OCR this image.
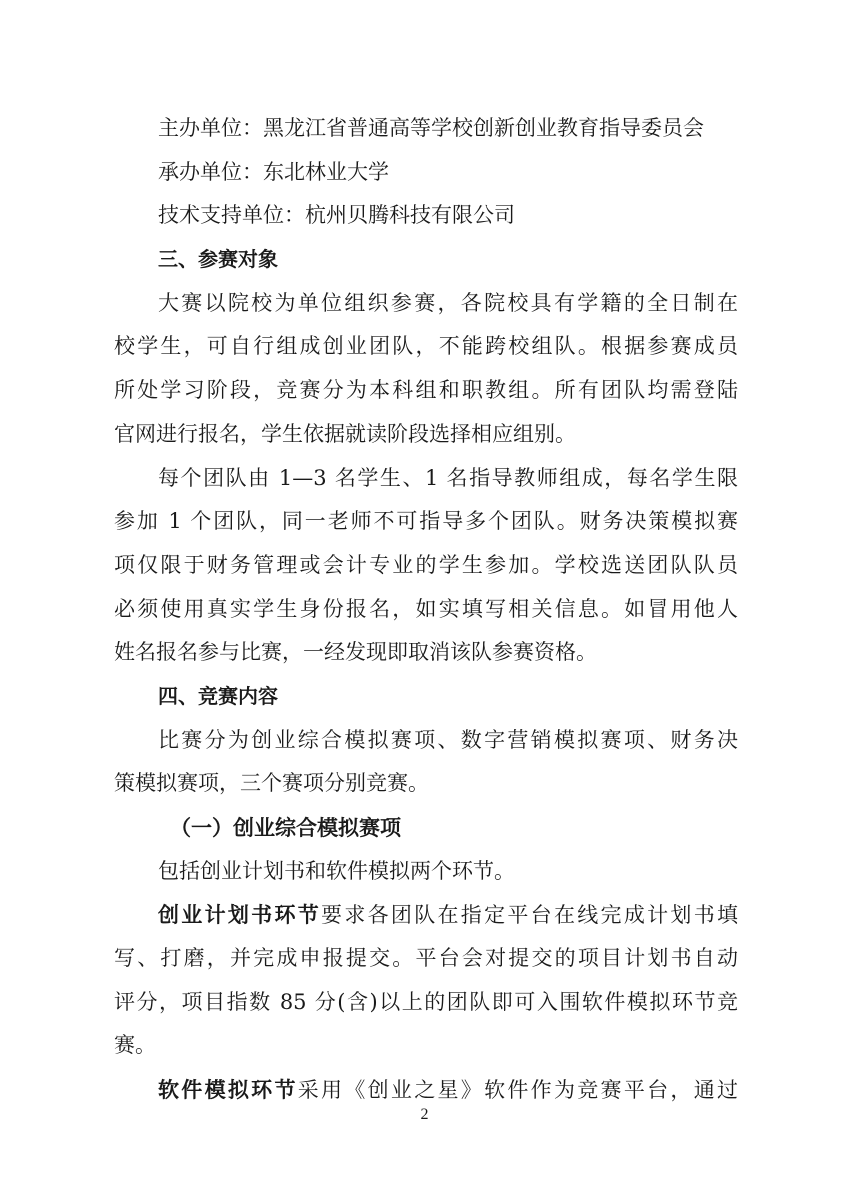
主办单位：黑龙江省普通高等学校创新创业教育指导委员会
承办单位：东北林业大学
技术支持单位：杭州贝腾科技有限公司
三、参赛对象
大赛以院校为单位组织参赛，各院校具有学籍的全日制在
校学生，可自行组成创业团队，不能跨校组队。根据参赛成员
所处学习阶段，竞赛分为本科组和职教组。所有团队均需登陆
官网进行报名，学生依据就读阶段选择相应组别。
每个团队由 1—3 名学生、1 名指导教师组成，每名学生限
参加 1 个团队，同一老师不可指导多个团队。财务决策模拟赛
项仅限于财务管理或会计专业的学生参加。学校选送团队队员
必须使用真实学生身份报名，如实填写相关信息。如冒用他人
姓名报名参与比赛，一经发现即取消该队参赛资格。
四、竞赛内容
比赛分为创业综合模拟赛项、数字营销模拟赛项、财务决
策模拟赛项，三个赛项分别竞赛。
（一）创业综合模拟赛项
包括创业计划书和软件模拟两个环节。
创业计划书环节要求各团队在指定平台在线完成计划书填
写、打磨，并完成申报提交。平台会对提交的项目计划书自动
评分，项目指数 85 分(含)以上的团队即可入围软件模拟环节竞
赛。
软件模拟环节采用《创业之星》软件作为竞赛平台，通过
2
